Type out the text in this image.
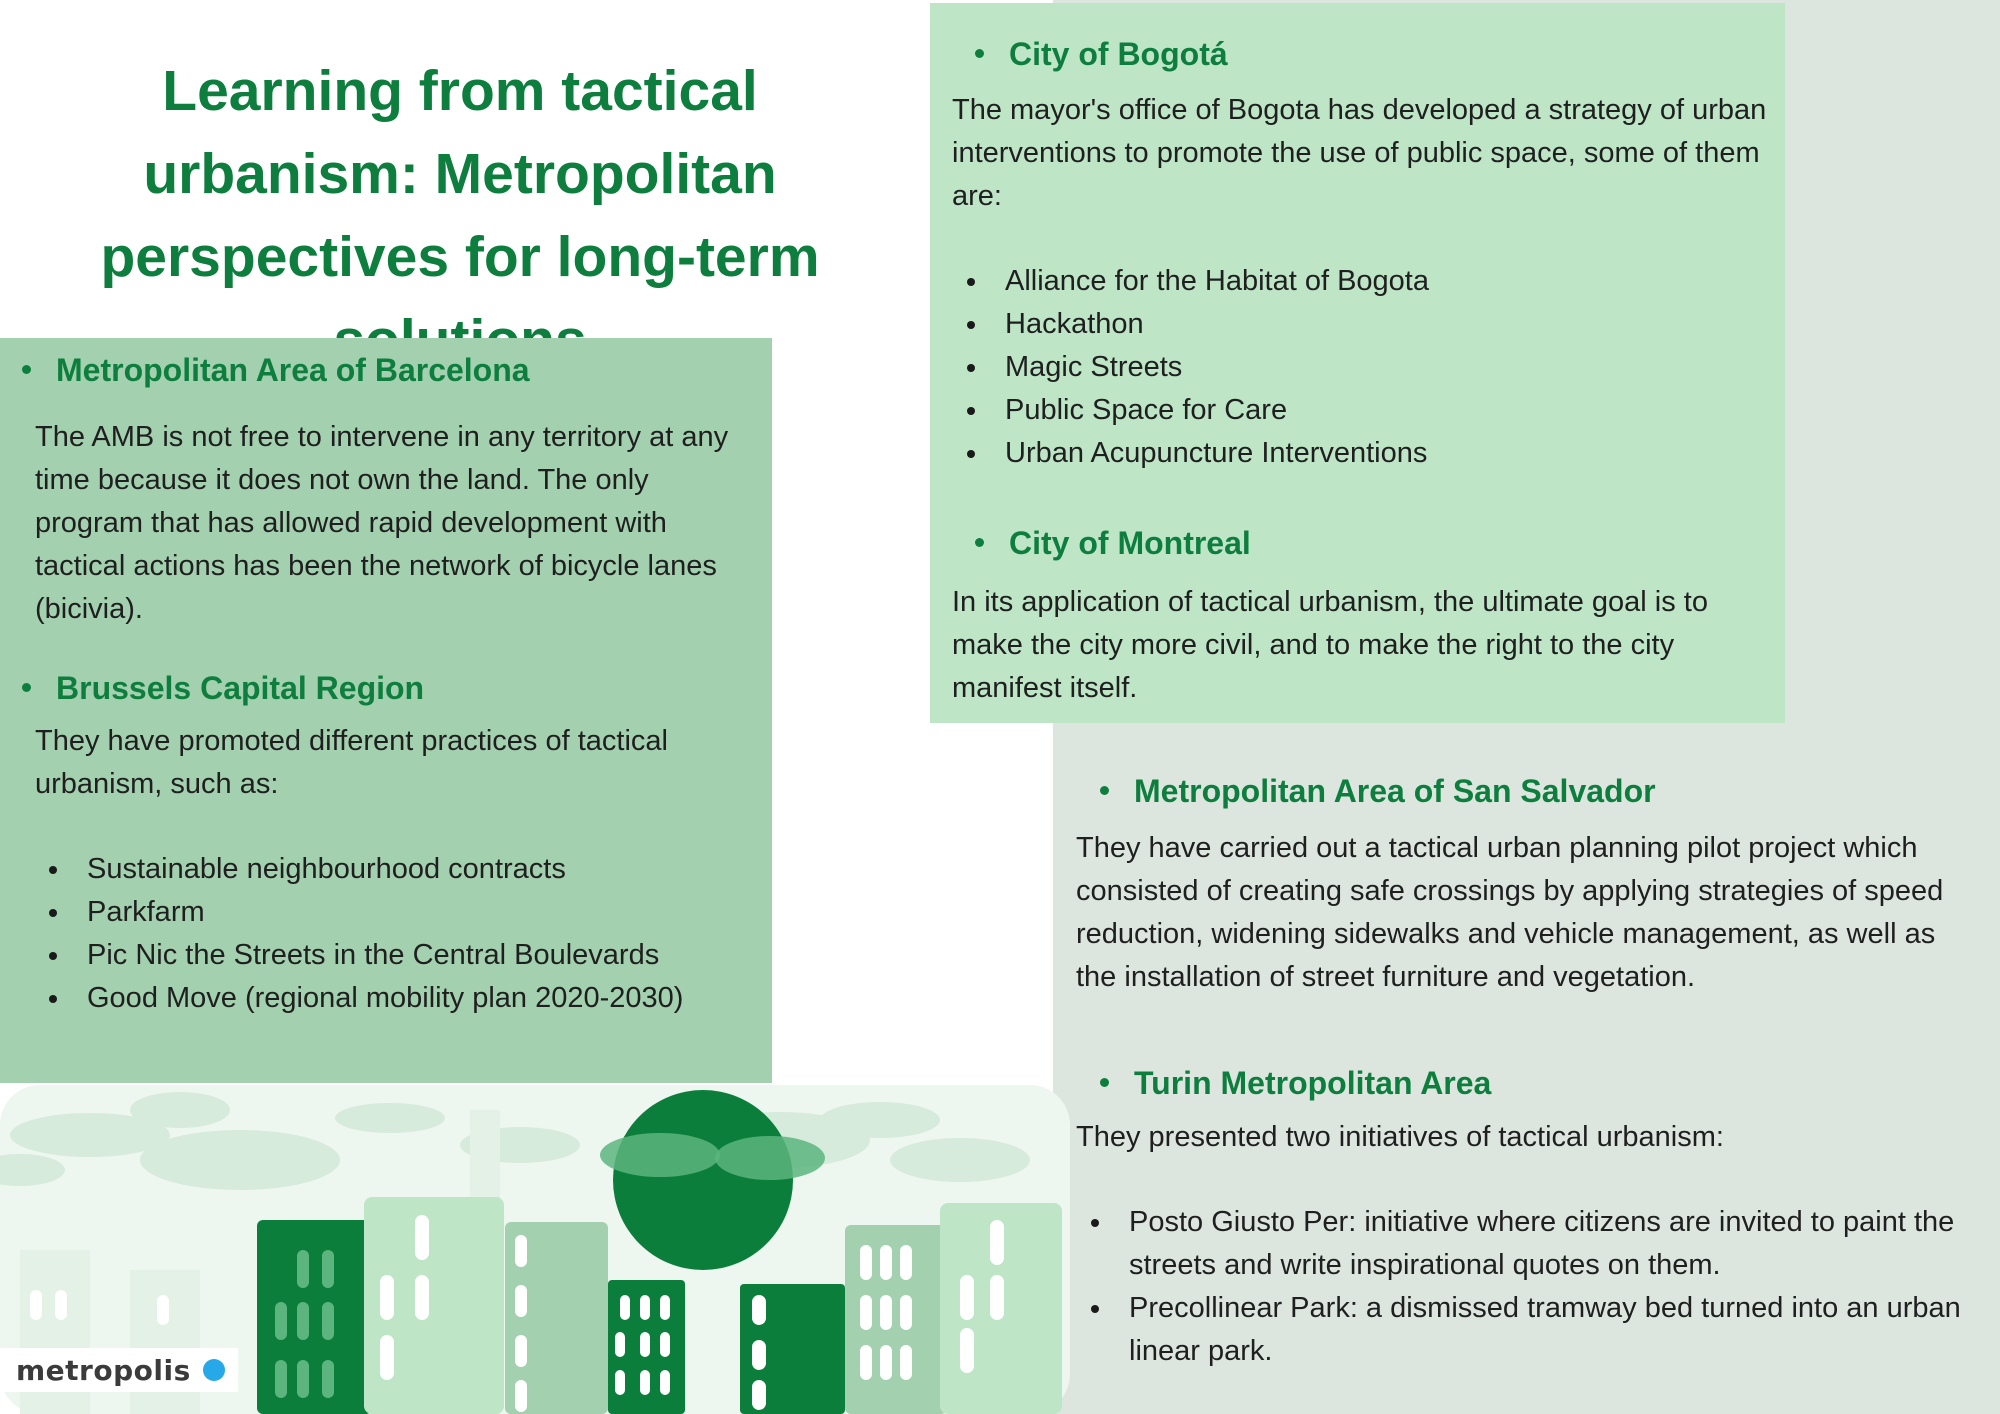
Learning from tactical urbanism: Metropolitan perspectives for long-term
Metropolitan Area of Barcelona

The AMB is not free to intervene in any territory at any time because it does not own the land. The only program that has allowed rapid development with tactical actions has been the network of bicycle lanes (bicivia).

Brussels Capital Region

They have promoted different practices of tactical urbanism, such as:

Sustainable neighbourhood contracts
Parkfarm
Pic Nic the Streets in the Central Boulevards
Good Move (regional mobility plan 2020-2030)
City of Bogotá

The mayor's office of Bogota has developed a strategy of urban interventions to promote the use of public space, some of them are:

Alliance for the Habitat of Bogota
Hackathon
Magic Streets
Public Space for Care
Urban Acupuncture Interventions
City of Montreal

In its application of tactical urbanism, the ultimate goal is to make the city more civil, and to make the right to the city manifest itself.

Metropolitan Area of San Salvador

They have carried out a tactical urban planning pilot project which consisted of creating safe crossings by applying strategies of speed reduction, widening sidewalks and vehicle management, as well as the installation of street furniture and vegetation.

Turin Metropolitan Area

They presented two initiatives of tactical urbanism:

Posto Giusto Per: initiative where citizens are invited to paint the streets and write inspirational quotes on them.
Precollinear Park: a dismissed tramway bed turned into an urban linear park.
metropolis
